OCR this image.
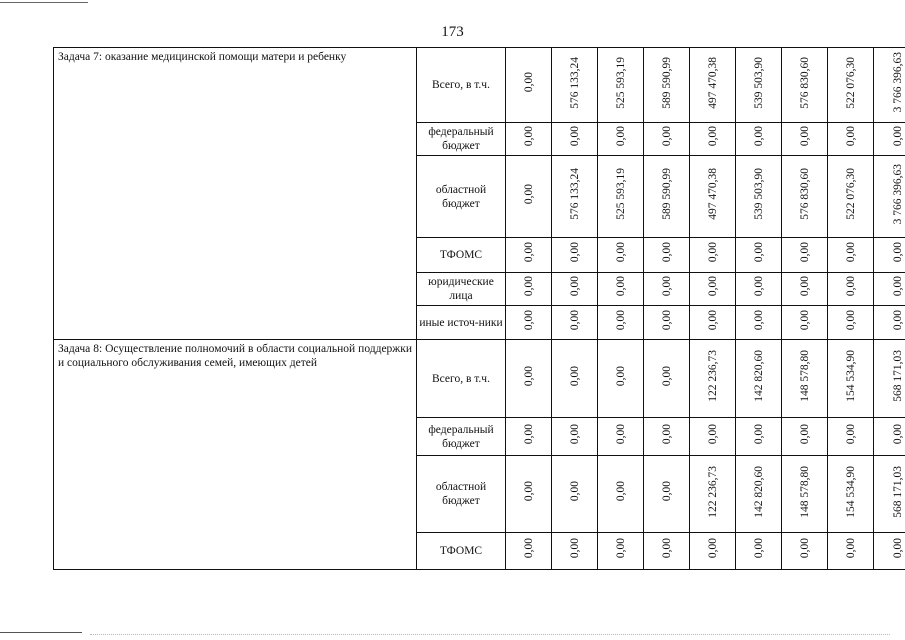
173
Задача 7: оказание медицинской помощи матери и ребенку	Всего, в т.ч.	0,00	576 133,24	525 593,19	589 590,99	497 470,38	539 503,90	576 830,60	522 076,30	3 766 396,63
	федеральный бюджет	0,00	0,00	0,00	0,00	0,00	0,00	0,00	0,00	0,00
	областной бюджет	0,00	576 133,24	525 593,19	589 590,99	497 470,38	539 503,90	576 830,60	522 076,30	3 766 396,63
	ТФОМС	0,00	0,00	0,00	0,00	0,00	0,00	0,00	0,00	0,00
	юридические лица	0,00	0,00	0,00	0,00	0,00	0,00	0,00	0,00	0,00
	иные источ-ники	0,00	0,00	0,00	0,00	0,00	0,00	0,00	0,00	0,00
Задача 8: Осуществление полномочий в области социальной поддержки и социального обслуживания семей, имеющих детей	Всего, в т.ч.	0,00	0,00	0,00	0,00	122 236,73	142 820,60	148 578,80	154 534,90	568 171,03
	федеральный бюджет	0,00	0,00	0,00	0,00	0,00	0,00	0,00	0,00	0,00
	областной бюджет	0,00	0,00	0,00	0,00	122 236,73	142 820,60	148 578,80	154 534,90	568 171,03
	ТФОМС	0,00	0,00	0,00	0,00	0,00	0,00	0,00	0,00	0,00
